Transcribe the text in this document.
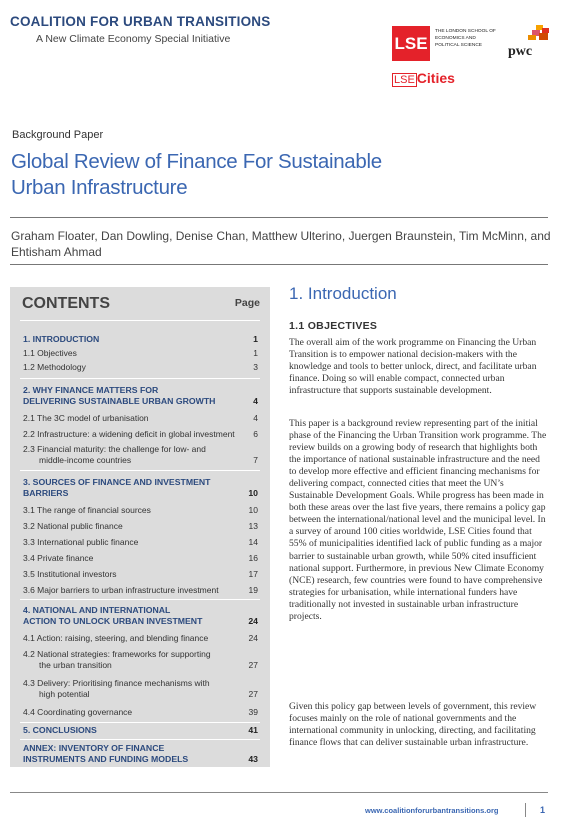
COALITION FOR URBAN TRANSITIONS
A New Climate Economy Special Initiative	LSE
THE LONDON SCHOOL OF ECONOMICS AND POLITICAL SCIENCE	pwc
LSE Cities
Background Paper
Global Review of Finance For Sustainable Urban Infrastructure
Graham Floater, Dan Dowling, Denise Chan, Matthew Ulterino, Juergen Braunstein, Tim McMinn, and Ehtisham Ahmad
CONTENTS	Page
1. INTRODUCTION	1
1.1 Objectives	1
1.2 Methodology	3
2. WHY FINANCE MATTERS FOR
DELIVERING SUSTAINABLE URBAN GROWTH	4
2.1 The 3C model of urbanisation	4
2.2 Infrastructure: a widening deficit in global investment	6
2.3 Financial maturity: the challenge for low- and
middle-income countries	7
3. SOURCES OF FINANCE AND INVESTMENT
BARRIERS	10
3.1 The range of financial sources	10
3.2 National public finance	13
3.3 International public finance	14
3.4 Private finance	16
3.5 Institutional investors	17
3.6 Major barriers to urban infrastructure investment	19
4. NATIONAL AND INTERNATIONAL
ACTION TO UNLOCK URBAN INVESTMENT	24
4.1 Action: raising, steering, and blending finance	24
4.2 National strategies: frameworks for supporting
the urban transition	27
4.3 Delivery: Prioritising finance mechanisms with
high potential	27
4.4 Coordinating governance	39
5. CONCLUSIONS	41
ANNEX: INVENTORY OF FINANCE
INSTRUMENTS AND FUNDING MODELS	43
1. Introduction
1.1 OBJECTIVES

The overall aim of the work programme on Financing the Urban Transition is to empower national decision-makers with the knowledge and tools to better unlock, direct, and facilitate urban finance. Doing so will enable compact, connected urban infrastructure that supports sustainable development.

This paper is a background review representing part of the initial phase of the Financing the Urban Transition work programme. The review builds on a growing body of research that highlights both the importance of national sustainable infrastructure and the need to develop more effective and efficient financing mechanisms for delivering compact, connected cities that meet the UN’s Sustainable Development Goals. While progress has been made in both these areas over the last five years, there remains a policy gap between the international/national level and the municipal level. In a survey of around 100 cities worldwide, LSE Cities found that 55% of municipalities identified lack of public funding as a major barrier to sustainable urban growth, while 50% cited insufficient national support. Furthermore, in previous New Climate Economy (NCE) research, few countries were found to have comprehensive strategies for urbanisation, while international funders have traditionally not invested in sustainable urban infrastructure projects.

Given this policy gap between levels of government, this review focuses mainly on the role of national governments and the international community in unlocking, directing, and facilitating finance flows that can deliver sustainable urban infrastructure.

www.coalitionforurbantransitions.org	1
